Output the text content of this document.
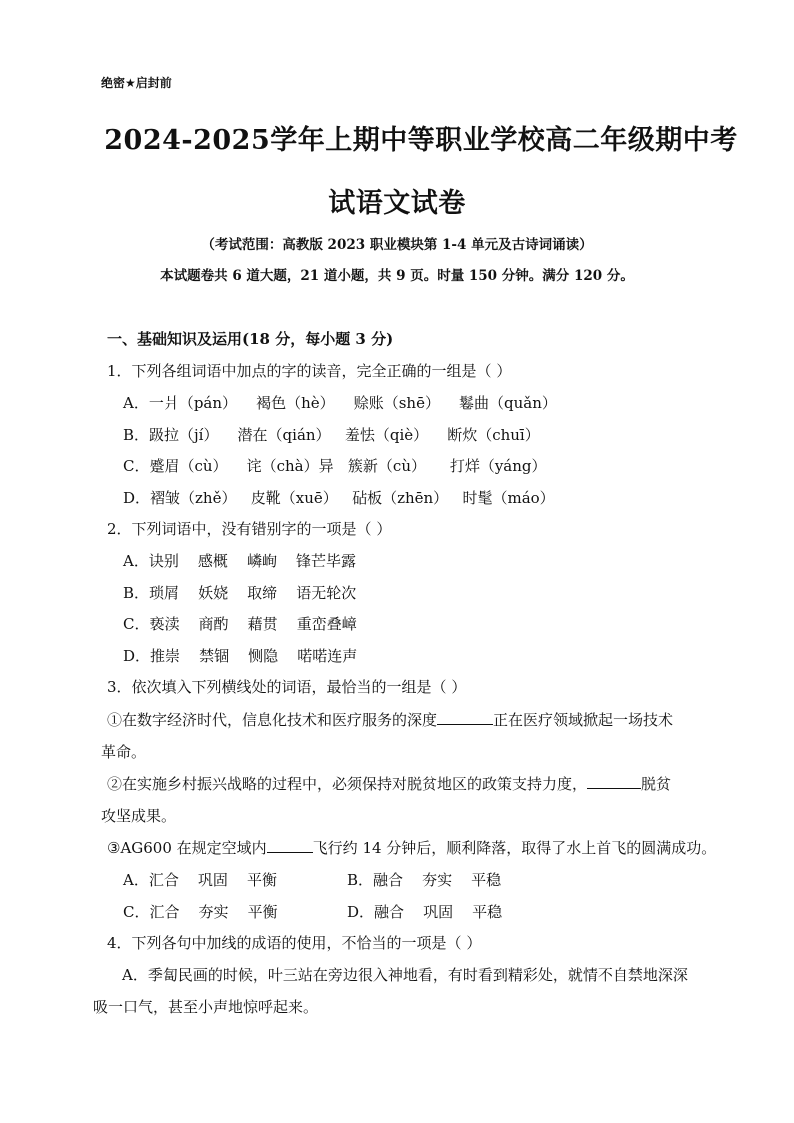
绝密★启封前
2024-2025学年上期中等职业学校高二年级期中考
试语文试卷
（考试范围：高教版 2023 职业模块第 1-4 单元及古诗词诵读）
本试题卷共 6 道大题，21 道小题，共 9 页。时量 150 分钟。满分 120 分。
一、基础知识及运用(18 分，每小题 3 分)
1．下列各组词语中加点的字的读音，完全正确的一组是（ ）
A．一爿（pán）    褐色（hè）    赊账（shē）    鬈曲（quǎn）
B．趿拉（jí）    潜在（qián）   羞怯（qiè）    断炊（chuī）
C．蹙眉（cù）    诧（chà）异   簇新（cù）     打烊（yáng）
D．褶皱（zhě）   皮靴（xuē）   砧板（zhēn）   时髦（máo）
2．下列词语中，没有错别字的一项是（ ）
A．诀别    感概    嶙峋    锋芒毕露
B．琐屑    妖娆    取缔    语无轮次
C．亵渎    商酌    藉贯    重峦叠嶂
D．推崇    禁锢    恻隐    喏喏连声
3．依次填入下列横线处的词语，最恰当的一组是（ ）
①在数字经济时代，信息化技术和医疗服务的深度	正在医疗领域掀起一场技术
革命。
②在实施乡村振兴战略的过程中，必须保持对脱贫地区的政策支持力度，	脱贫
攻坚成果。
③AG600 在规定空域内	飞行约 14 分钟后，顺利降落，取得了水上首飞的圆满成功。
A．汇合    巩固    平衡	B．融合    夯实    平稳
C．汇合    夯实    平衡	D．融合    巩固    平稳
4．下列各句中加线的成语的使用，不恰当的一项是（ ）
A．季匐民画的时候，叶三站在旁边很入神地看，有时看到精彩处，就情不自禁地深深
吸一口气，甚至小声地惊呼起来。
